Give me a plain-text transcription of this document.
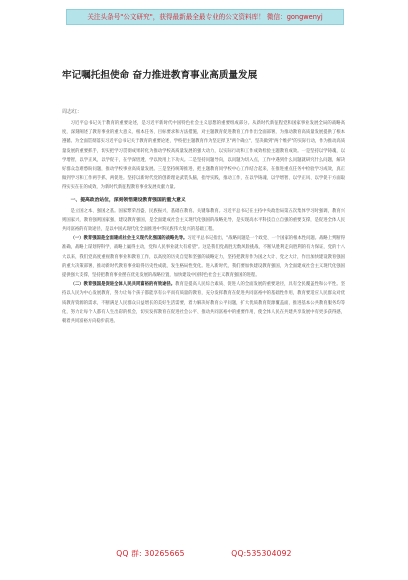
关注头条号"公文研究"，获得最新最全最专业的公文资料库！ 微信：gongwenyj
牢记嘱托担使命 奋力推进教育事业高质量发展
周志红：

习近平总书记关于教育的重要论述，是习近平新时代中国特色社会主义思想的重要组成部分。从新时代新征程党和国家事业发展全局的战略高度，深刻阐述了教育事业的重大意义、根本任务、目标要求和方法措施，对主题教育促进教育工作作出全面部署，为推动教育高质量发展提供了根本遵循。为全面贯彻落实习近平总书记关于教育的重要论述，学校把主题教育作为坚定捍卫"两个确立"、坚决做到"两个维护"的实际行动，作为推动高质量发展的重要抓手，切实把学习贯彻成果转化为推动学校高质量发展的强大动力，以实际行动和工作成效检验主题教育成效。一是坚持以学铸魂，以学增智，以学正风，以学促干，在学深悟透、学以致用上下功夫。二是坚持问题导向，以问题为切入点，工作中遇到什么问题就研究什么问题，解决好群众急难愁盼问题，推动学校事业高质量发展。三是坚持统筹推进，把主题教育同学校中心工作结合起来，在推进重点任务中检验学习成效，真正做到学习和工作两手抓、两促进。坚持以新时代党的创新理论武装头脑，指导实践，推动工作，在以学铸魂、以学增智、以学正风、以学促干方面取得实实在在的成效，为新时代新征程教育事业发展贡献力量。

一、提高政治站位，深刻领悟建设教育强国的重大意义

是立国之本、强国之基。国家繁荣昌盛、民族振兴，基础在教育。关键靠教育。习近平总书记在主持中央政治局第五次集体学习时强调，教育兴则国家兴，教育强则国家强，建设教育强国，是全面建成社会主义现代化强国的战略先导，是实现高水平科技自立自强的重要支撑，是促进全体人民共同富裕的有效途径，是以中国式现代化全面推进中华民族伟大复兴的基础工程。

（一）教育强国是全面建成社会主义现代化强国的战略先导。习近平总书记指出，"战略问题是一个政党、一个国家的根本性问题。战略上判断得准确，战略上谋划得科学，战略上赢得主动，党和人民事业就大有希望"。这是我们党战胜无数风险挑战、不断从胜利走向胜利的有力保证，党的十八大以来，我们党高度重视教育事业和教育工作，以高度的历史自觉和坚强的战略定力，坚持把教育作为国之大计、党之大计，作出加快建设教育强国的重大决策部署，推动新时代教育事业取得历史性成就、发生格局性变化。进入新时代，我们要加快建设教育强国，为全面建成社会主义现代化强国提供强大支撑，坚持把教育事业摆在优先发展的战略位置，加快建设中国特色社会主义教育强国的进程。

（二）教育强国是促进全体人民共同富裕的有效途径。教育是提高人民综合素质、促进人的全面发展的重要途径，具有全民覆盖性和公平性。坚持以人民为中心发展教育，努力让每个孩子都能享有公平而有质量的教育，充分发挥教育在促进共同富裕中的基础性作用，教育要适应人民群众对优质教育资源的需求，不断满足人民群众日益增长的美好生活需要，着力解决好教育公平问题，扩大优质教育资源覆盖面，推进基本公共教育服务均等化，努力让每个人都有人生出彩的机会，切实发挥教育在促进社会公平、推动共同富裕中的重要作用，使全体人民在共建共享发展中有更多获得感，朝着共同富裕方向稳步前进。

QQ 群: 30265665	QQ:535304092
